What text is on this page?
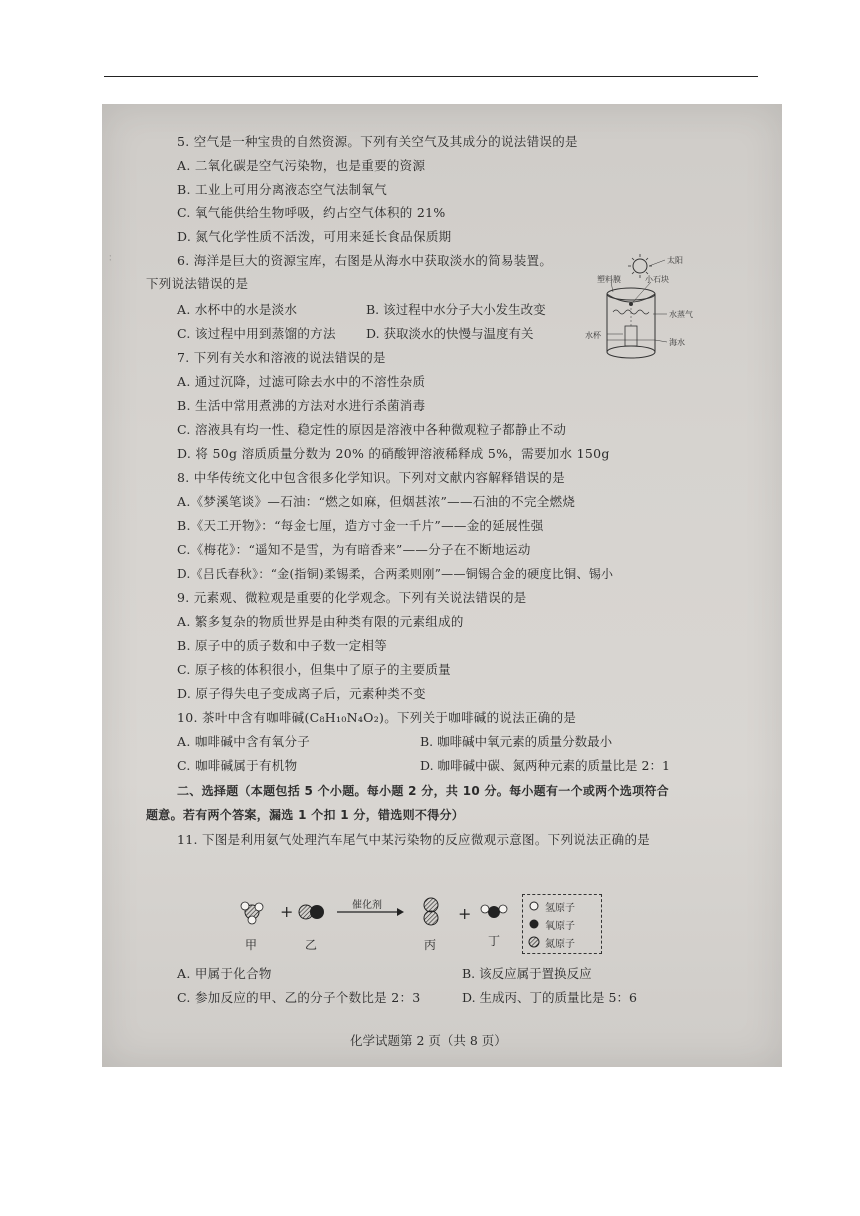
：
5. 空气是一种宝贵的自然资源。下列有关空气及其成分的说法错误的是
A. 二氧化碳是空气污染物，也是重要的资源
B. 工业上可用分离液态空气法制氧气
C. 氧气能供给生物呼吸，约占空气体积的 21%
D. 氮气化学性质不活泼，可用来延长食品保质期
6. 海洋是巨大的资源宝库，右图是从海水中获取淡水的简易装置。
下列说法错误的是
A. 水杯中的水是淡水	B. 该过程中水分子大小发生改变
C. 该过程中用到蒸馏的方法 D. 获取淡水的快慢与温度有关
太阳
塑料膜	小石块
水蒸气
水杯
海水
7. 下列有关水和溶液的说法错误的是
A. 通过沉降，过滤可除去水中的不溶性杂质
B. 生活中常用煮沸的方法对水进行杀菌消毒
C. 溶液具有均一性、稳定性的原因是溶液中各种微观粒子都静止不动
D. 将 50g 溶质质量分数为 20% 的硝酸钾溶液稀释成 5%，需要加水 150g
8. 中华传统文化中包含很多化学知识。下列对文献内容解释错误的是
A.《梦溪笔谈》—石油：“燃之如麻，但烟甚浓”——石油的不完全燃烧
B.《天工开物》：“每金七厘，造方寸金一千片”——金的延展性强
C.《梅花》：“遥知不是雪，为有暗香来”——分子在不断地运动
D.《吕氏春秋》：“金(指铜)柔锡柔，合两柔则刚”——铜锡合金的硬度比铜、锡小
9. 元素观、微粒观是重要的化学观念。下列有关说法错误的是
A. 繁多复杂的物质世界是由种类有限的元素组成的
B. 原子中的质子数和中子数一定相等
C. 原子核的体积很小，但集中了原子的主要质量
D. 原子得失电子变成离子后，元素种类不变
10. 茶叶中含有咖啡碱(C₈H₁₀N₄O₂)。下列关于咖啡碱的说法正确的是
A. 咖啡碱中含有氧分子	B. 咖啡碱中氧元素的质量分数最小
C. 咖啡碱属于有机物	D. 咖啡碱中碳、氮两种元素的质量比是 2：1
二、选择题（本题包括 5 个小题。每小题 2 分，共 10 分。每小题有一个或两个选项符合
题意。若有两个答案，漏选 1 个扣 1 分，错选则不得分）
11. 下图是利用氨气处理汽车尾气中某污染物的反应微观示意图。下列说法正确的是
+	+
催化剂
甲	乙	丙	丁
氢原子
氧原子
氮原子
A. 甲属于化合物	B. 该反应属于置换反应
C. 参加反应的甲、乙的分子个数比是 2：3	D. 生成丙、丁的质量比是 5：6
化学试题第 2 页（共 8 页）
